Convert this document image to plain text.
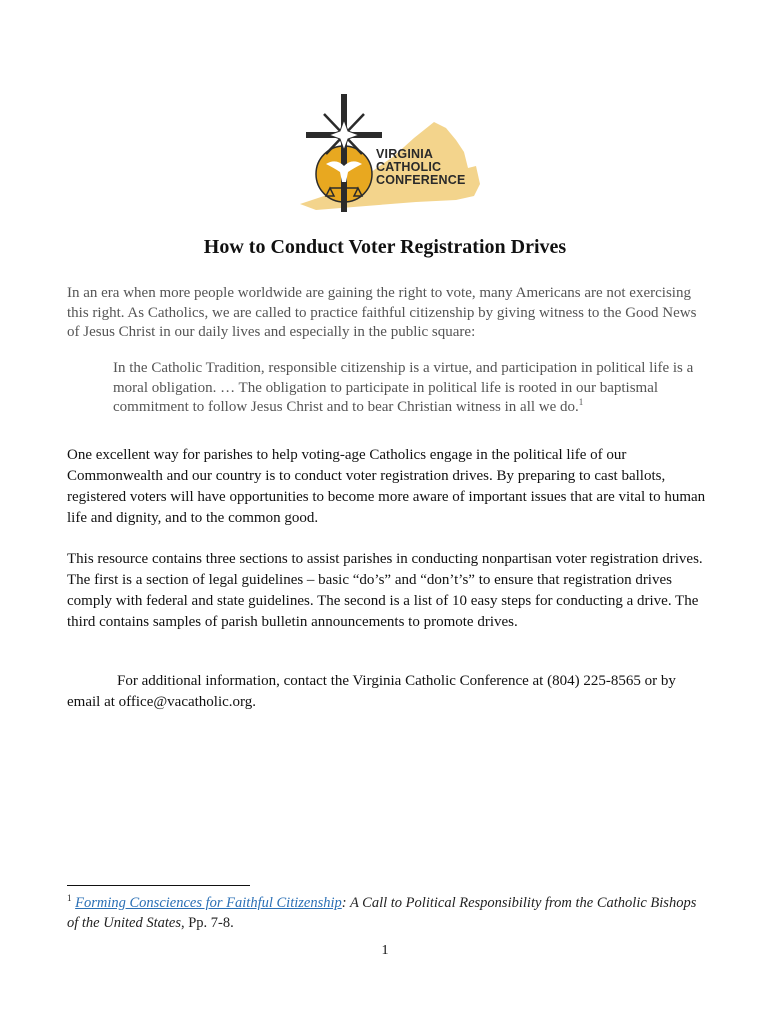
VIRGINIA
CATHOLIC
CONFERENCE
How to Conduct Voter Registration Drives
In an era when more people worldwide are gaining the right to vote, many Americans are not exercising this right. As Catholics, we are called to practice faithful citizenship by giving witness to the Good News of Jesus Christ in our daily lives and especially in the public square:
In the Catholic Tradition, responsible citizenship is a virtue, and participation in political life is a moral obligation. … The obligation to participate in political life is rooted in our baptismal commitment to follow Jesus Christ and to bear Christian witness in all we do.$^1$
One excellent way for parishes to help voting-age Catholics engage in the political life of our Commonwealth and our country is to conduct voter registration drives. By preparing to cast ballots, registered voters will have opportunities to become more aware of important issues that are vital to human life and dignity, and to the common good.
This resource contains three sections to assist parishes in conducting nonpartisan voter registration drives. The first is a section of legal guidelines – basic “do’s” and “don’t’s” to ensure that registration drives comply with federal and state guidelines. The second is a list of 10 easy steps for conducting a drive. The third contains samples of parish bulletin announcements to promote drives.
For additional information, contact the Virginia Catholic Conference at (804) 225-8565 or by email at office@vacatholic.org.
$^1$ Forming Consciences for Faithful Citizenship: A Call to Political Responsibility from the Catholic Bishops of the United States, Pp. 7-8.
1
